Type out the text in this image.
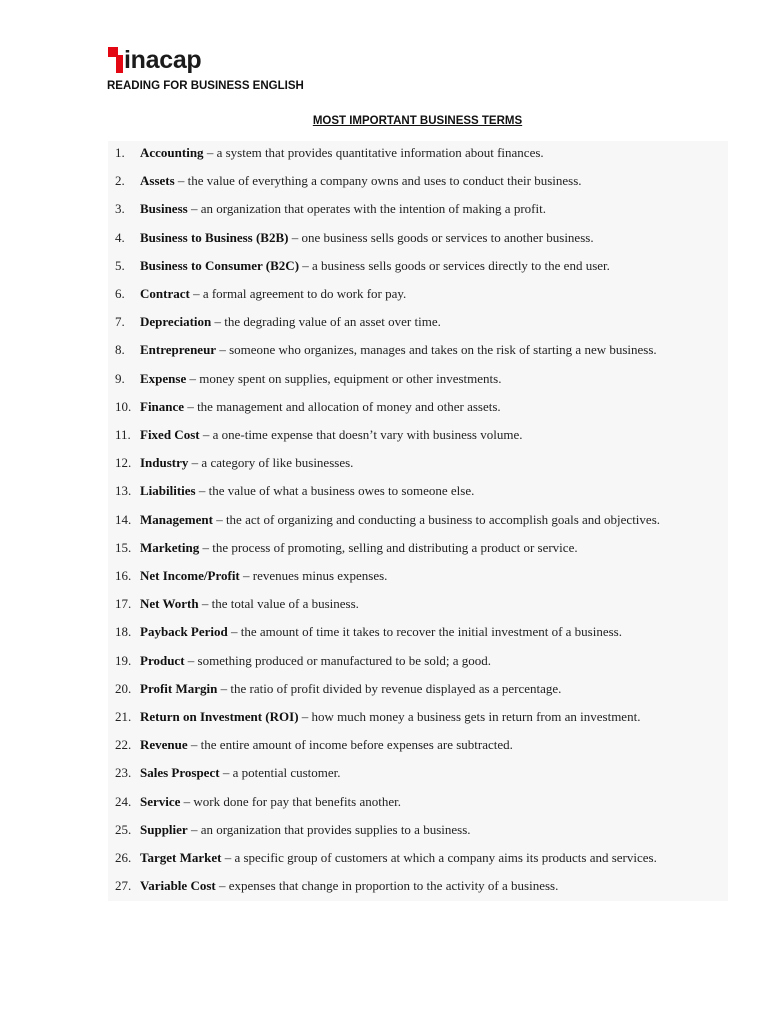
inacap
READING FOR BUSINESS ENGLISH
MOST IMPORTANT BUSINESS TERMS
1.	Accounting – a system that provides quantitative information about finances.
2.	Assets – the value of everything a company owns and uses to conduct their business.
3.	Business – an organization that operates with the intention of making a profit.
4.	Business to Business (B2B) – one business sells goods or services to another business.
5.	Business to Consumer (B2C) – a business sells goods or services directly to the end user.
6.	Contract – a formal agreement to do work for pay.
7.	Depreciation – the degrading value of an asset over time.
8.	Entrepreneur – someone who organizes, manages and takes on the risk of starting a new business.
9.	Expense – money spent on supplies, equipment or other investments.
10. Finance – the management and allocation of money and other assets.
11. Fixed Cost – a one-time expense that doesn’t vary with business volume.
12. Industry – a category of like businesses.
13. Liabilities – the value of what a business owes to someone else.
14. Management – the act of organizing and conducting a business to accomplish goals and objectives.
15. Marketing – the process of promoting, selling and distributing a product or service.
16. Net Income/Profit – revenues minus expenses.
17. Net Worth – the total value of a business.
18. Payback Period – the amount of time it takes to recover the initial investment of a business.
19. Product – something produced or manufactured to be sold; a good.
20. Profit Margin – the ratio of profit divided by revenue displayed as a percentage.
21. Return on Investment (ROI) – how much money a business gets in return from an investment.
22. Revenue – the entire amount of income before expenses are subtracted.
23. Sales Prospect – a potential customer.
24. Service – work done for pay that benefits another.
25. Supplier – an organization that provides supplies to a business.
26. Target Market – a specific group of customers at which a company aims its products and services.
27. Variable Cost – expenses that change in proportion to the activity of a business.
